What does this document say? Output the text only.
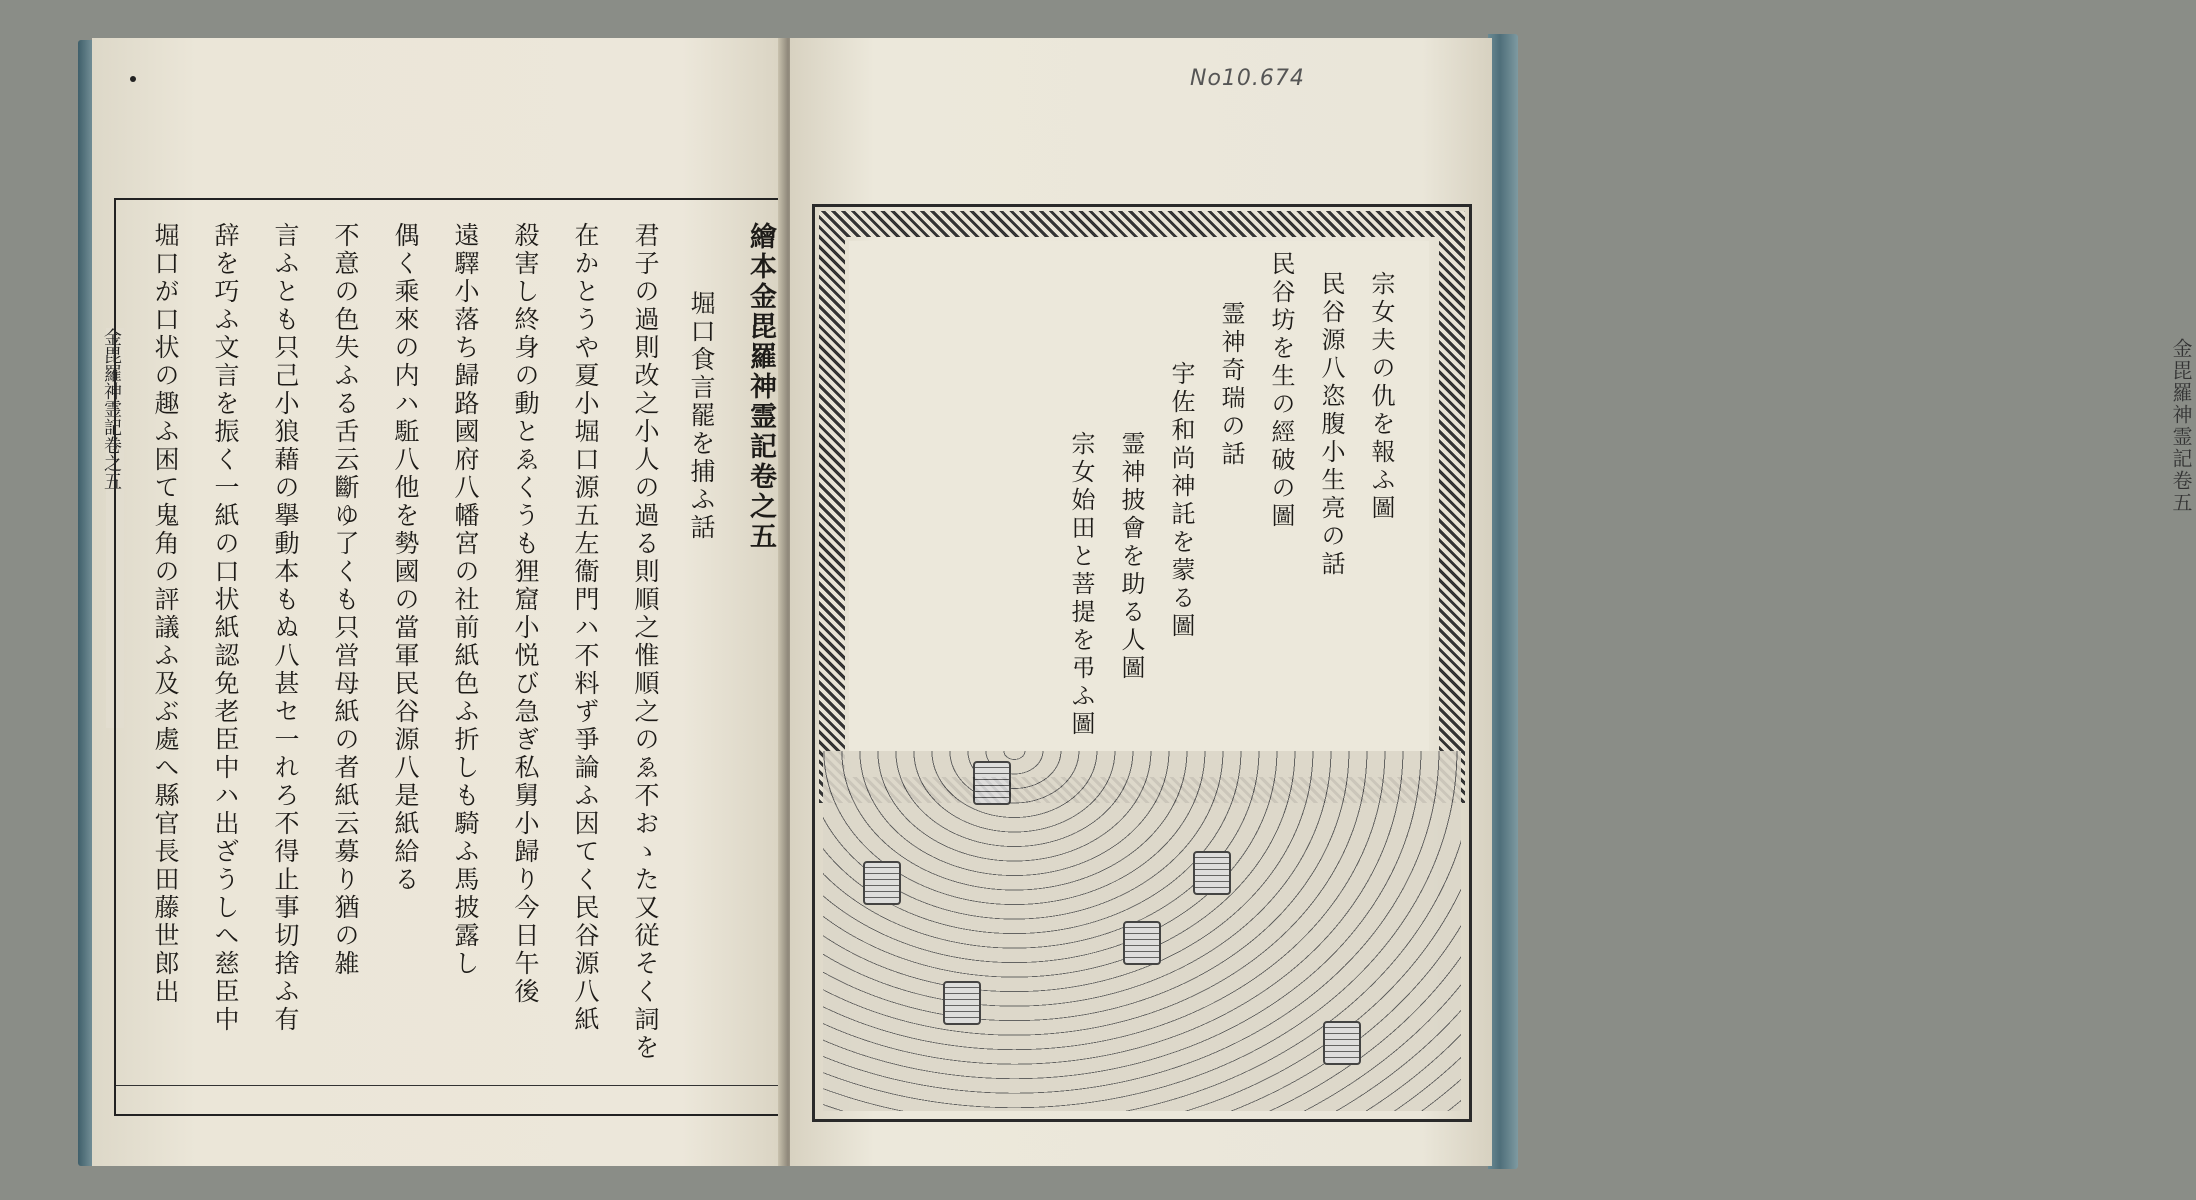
金毘羅神霊記卷之五	繪本金毘羅神霊記卷之五
堀口食言罷を捕ふ話
君子の過則改之小人の過る則順之惟順之のゑ不おゝた又従そく詞を
在かとうや夏小堀口源五左衞門ハ不料ず爭論ふ因てく民谷源八紙
殺害し終身の動とゑくうも狸窟小悦び急ぎ私舅小歸り今日午後
遠驛小落ち歸路國府八幡宮の社前紙色ふ折しも騎ふ馬披露し
偶く乘來の内ハ駈八他を勢國の當軍民谷源八是紙給る
不意の色失ふる舌云斷ゆ了くも只営母紙の者紙云募り猶の雑
言ふとも只己小狼藉の擧動本もぬ八甚セ一れろ不得止事切捨ふ有
辞を巧ふ文言を振く一紙の口状紙認免老臣中ハ出ざうしへ慈臣中
堀口が口状の趣ふ困て鬼角の評議ふ及ぶ處へ縣官長田藤世郎出	宗女夫の仇を報ふ圖
民谷源八恣腹小生亮の話
民谷坊を生の經破の圖
霊神奇瑞の話
宇佐和尚神託を蒙る圖
霊神披會を助る人圖
宗女始田と菩提を弔ふ圖
金毘羅神霊記卷五
No10.674
